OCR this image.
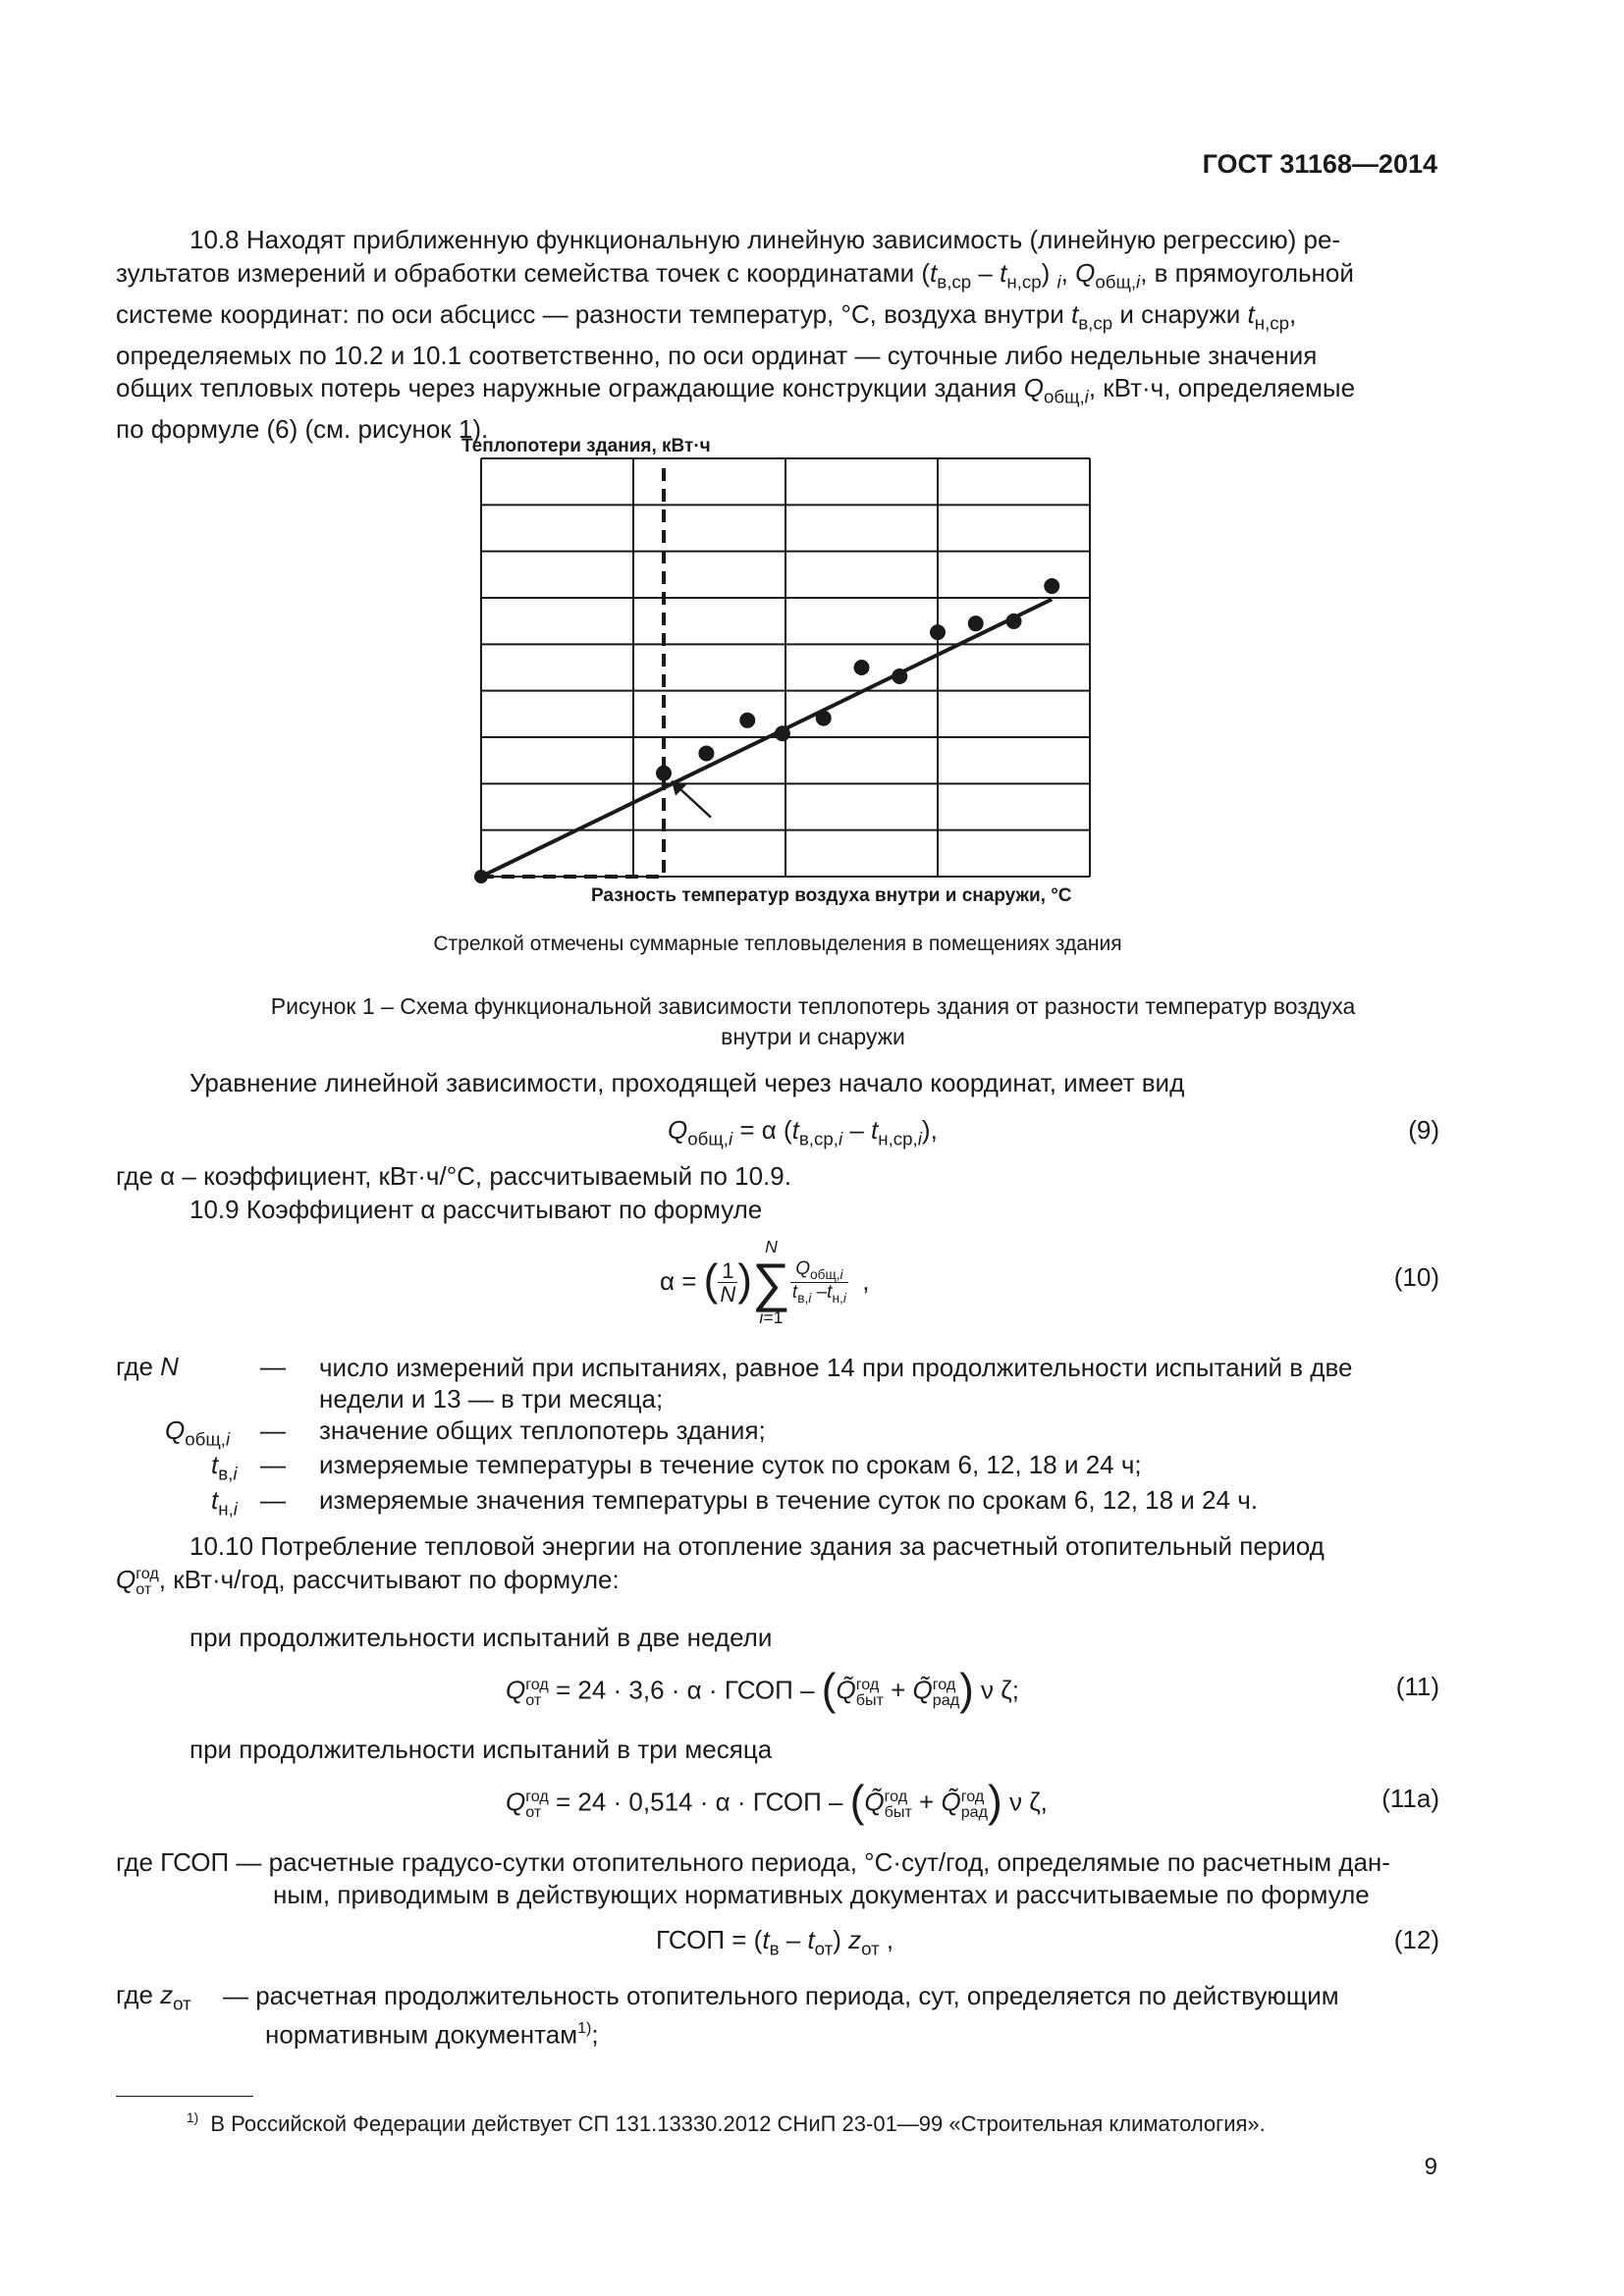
ГОСТ 31168—2014
10.8 Находят приближенную функциональную линейную зависимость (линейную регрессию) ре-
зультатов измерений и обработки семейства точек с координатами $(t_{в,ср} - t_{н,ср})$ $_i$, $Q_{общ,i}$, в прямоугольной
системе координат: по оси абсцисс — разности температур, °С, воздуха внутри $t_{в,ср}$ и снаружи $t_{н,ср}$,
определяемых по 10.2 и 10.1 соответственно, по оси ординат — суточные либо недельные значения
общих тепловых потерь через наружные ограждающие конструкции здания $Q_{общ,i}$, кВт·ч, определяемые
по формуле (6) (см. рисунок 1).
Теплопотери здания, кВт·ч
Разность температур воздуха внутри и снаружи, °С
Стрелкой отмечены суммарные тепловыделения в помещениях здания
Рисунок 1 – Схема функциональной зависимости теплопотерь здания от разности температур воздуха
внутри и снаружи
Уравнение линейной зависимости, проходящей через начало координат, имеет вид
$Q_{общ,i} = \alpha$ $(t_{в,ср,i} - t_{н,ср,i})$,	(9)
где α – коэффициент, кВт·ч/°С, рассчитываемый по 10.9.
10.9 Коэффициент α рассчитывают по формуле
α = ( $\frac{1}{N}$ )
N
∑
i=1
$\frac{Q_{общ,i}}{t_{в,i} -t_{н,i}}$ ,	(10)
где N	— число измерений при испытаниях, равное 14 при продолжительности испытаний в две
недели и 13 — в три месяца;
$Q_{общ,i}$ — значение общих теплопотерь здания;
$t_{в,i}$ — измеряемые температуры в течение суток по срокам 6, 12, 18 и 24 ч;
$t_{н,i}$ — измеряемые значения температуры в течение суток по срокам 6, 12, 18 и 24 ч.
10.10 Потребление тепловой энергии на отопление здания за расчетный отопительный период
Q год
от , кВт·ч/год, рассчитывают по формуле:
при продолжительности испытаний в две недели
Q год
от = 24 · 3,6 · α · ГСОП – (Q̃ год
быт + Q̃ год
рад ) ν ζ;	(11)
при продолжительности испытаний в три месяца
Q год
от = 24 · 0,514 · α · ГСОП – (Q̃ год
быт + Q̃ год
рад ) ν ζ,	(11а)
где ГСОП — расчетные градусо-сутки отопительного периода, °С·сут/год, определямые по расчетным дан-
ным, приводимым в действующих нормативных документах и рассчитываемые по формуле
ГСОП = $(t_в - t_{от})$ $z_{от}$ ,	(12)
где $z_{от}$ — расчетная продолжительность отопительного периода, сут, определяется по действующим
нормативным документам$^{1)}$;
$^{1)}$ В Российской Федерации действует СП 131.13330.2012 СНиП 23-01—99 «Строительная климатология».
9
